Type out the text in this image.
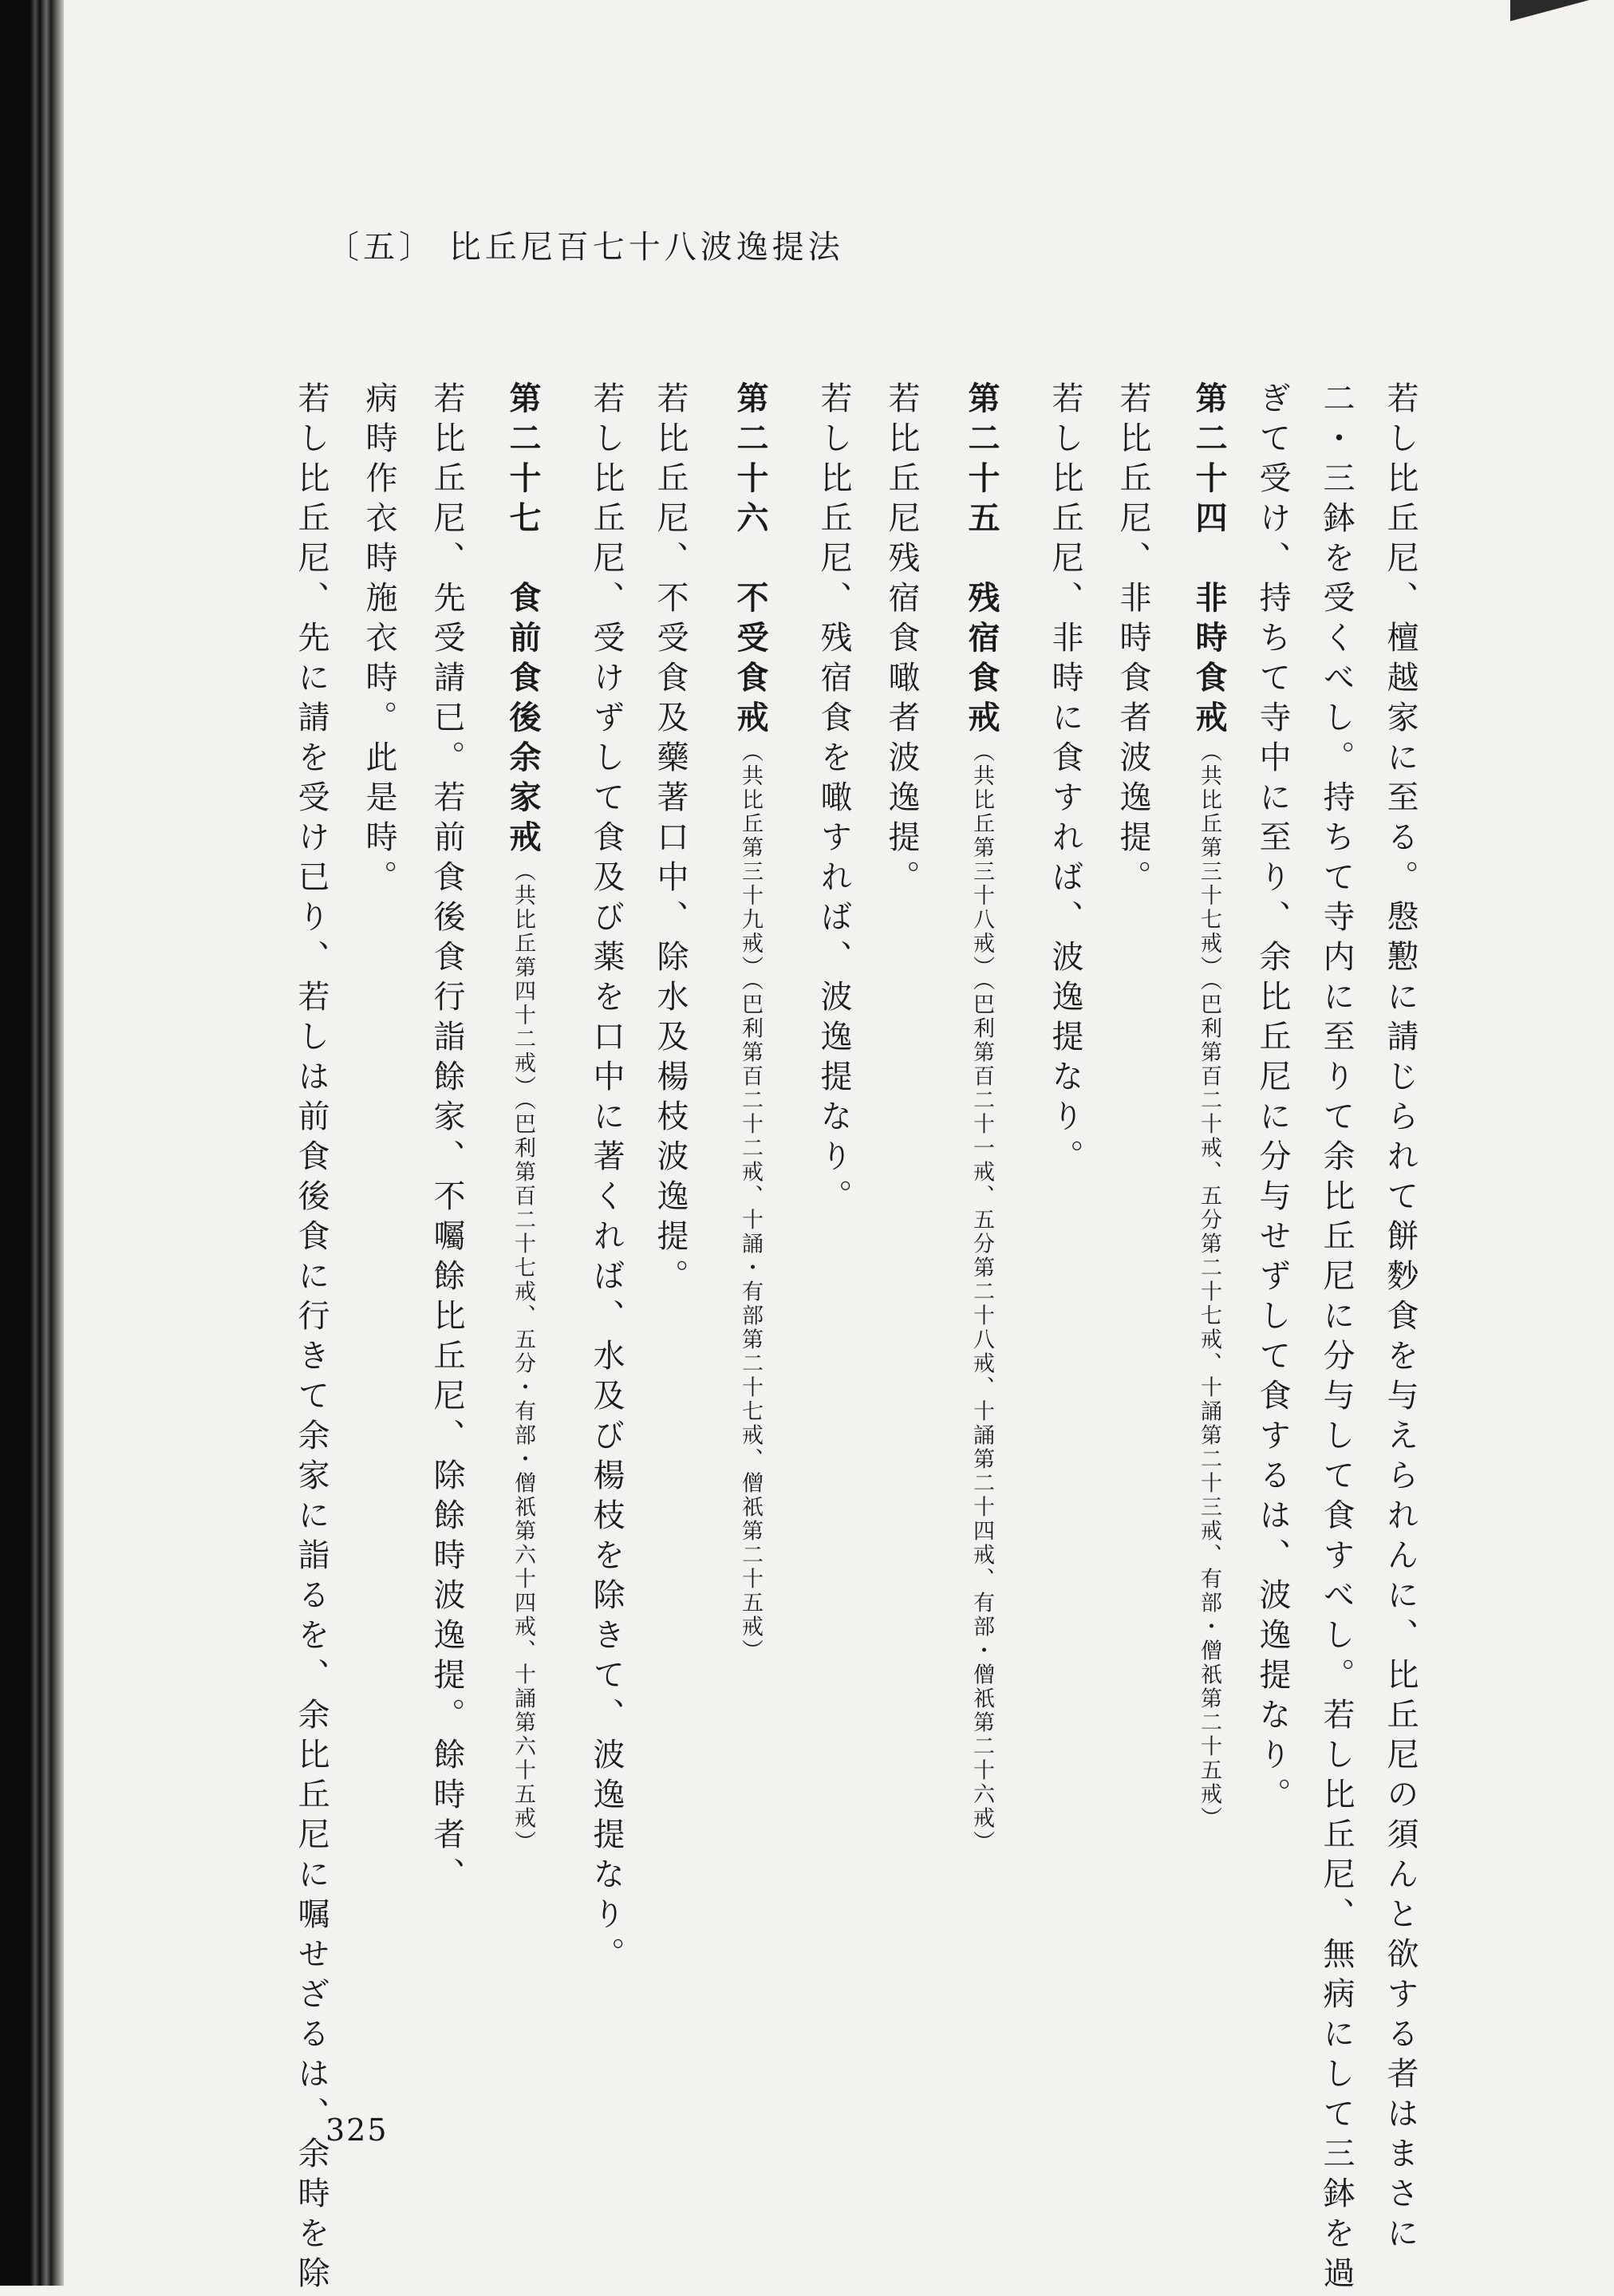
〔五〕 比丘尼百七十八波逸提法
若し比丘尼、檀越家に至る。慇懃に請じられて餅麨食を与えられんに、比丘尼の須んと欲する者はまさに
二・三鉢を受くべし。持ちて寺内に至りて余比丘尼に分与して食すべし。若し比丘尼、無病にして三鉢を過
ぎて受け、持ちて寺中に至り、余比丘尼に分与せずして食するは、波逸提なり。
第二十四　非時食戒（共比丘第三十七戒）（巴利第百二十戒、五分第二十七戒、十誦第二十三戒、有部・僧祇第二十五戒）
若比丘尼、非時食者波逸提。
若し比丘尼、非時に食すれば、波逸提なり。
第二十五　残宿食戒（共比丘第三十八戒）（巴利第百二十一戒、五分第二十八戒、十誦第二十四戒、有部・僧祇第二十六戒）
若比丘尼残宿食噉者波逸提。
若し比丘尼、残宿食を噉すれば、波逸提なり。
第二十六　不受食戒（共比丘第三十九戒）（巴利第百二十二戒、十誦・有部第二十七戒、僧祇第二十五戒）
若比丘尼、不受食及藥著口中、除水及楊枝波逸提。
若し比丘尼、受けずして食及び薬を口中に著くれば、水及び楊枝を除きて、波逸提なり。
第二十七　食前食後余家戒（共比丘第四十二戒）（巴利第百二十七戒、五分・有部・僧祇第六十四戒、十誦第六十五戒）
若比丘尼、先受請已。若前食後食行詣餘家、不囑餘比丘尼、除餘時波逸提。餘時者、
病時作衣時施衣時。此是時。
若し比丘尼、先に請を受け已り、若しは前食後食に行きて余家に詣るを、余比丘尼に嘱せざるは、余時を除
325
